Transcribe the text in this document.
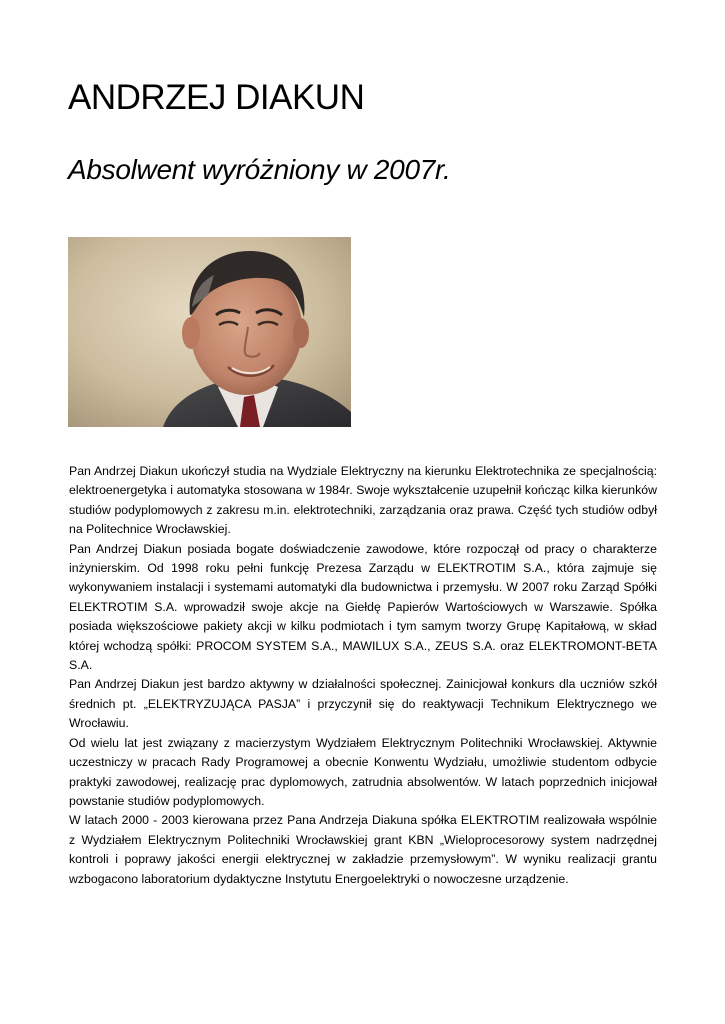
ANDRZEJ DIAKUN
Absolwent wyróżniony w 2007r.

Pan Andrzej Diakun ukończył studia na Wydziale Elektryczny na kierunku Elektrotechnika ze specjalnością: elektroenergetyka i automatyka stosowana w 1984r. Swoje wykształcenie uzupełnił kończąc kilka kierunków studiów podyplomowych z zakresu m.in. elektrotechniki, zarządzania oraz prawa. Część tych studiów odbył na Politechnice Wrocławskiej.

Pan Andrzej Diakun posiada bogate doświadczenie zawodowe, które rozpoczął od pracy o charakterze inżynierskim. Od 1998 roku pełni funkcję Prezesa Zarządu w ELEKTROTIM S.A., która zajmuje się wykonywaniem instalacji i systemami automatyki dla budownictwa i przemysłu. W 2007 roku Zarząd Spółki ELEKTROTIM S.A. wprowadził swoje akcje na Giełdę Papierów Wartościowych w Warszawie. Spółka posiada większościowe pakiety akcji w kilku podmiotach i tym samym tworzy Grupę Kapitałową, w skład której wchodzą spółki: PROCOM SYSTEM S.A., MAWILUX S.A., ZEUS S.A. oraz ELEKTROMONT-BETA S.A.

Pan Andrzej Diakun jest bardzo aktywny w działalności społecznej. Zainicjował konkurs dla uczniów szkół średnich pt. „ELEKTRYZUJĄCA PASJA” i przyczynił się do reaktywacji Technikum Elektrycznego we Wrocławiu.

Od wielu lat jest związany z macierzystym Wydziałem Elektrycznym Politechniki Wrocławskiej. Aktywnie uczestniczy w pracach Rady Programowej a obecnie Konwentu Wydziału, umożliwie studentom odbycie praktyki zawodowej, realizację prac dyplomowych, zatrudnia absolwentów. W latach poprzednich inicjował powstanie studiów podyplomowych.

W latach 2000 - 2003 kierowana przez Pana Andrzeja Diakuna spółka ELEKTROTIM realizowała wspólnie z Wydziałem Elektrycznym Politechniki Wrocławskiej grant KBN „Wieloprocesorowy system nadrzędnej kontroli i poprawy jakości energii elektrycznej w zakładzie przemysłowym”. W wyniku realizacji grantu wzbogacono laboratorium dydaktyczne Instytutu Energoelektryki o nowoczesne urządzenie.
